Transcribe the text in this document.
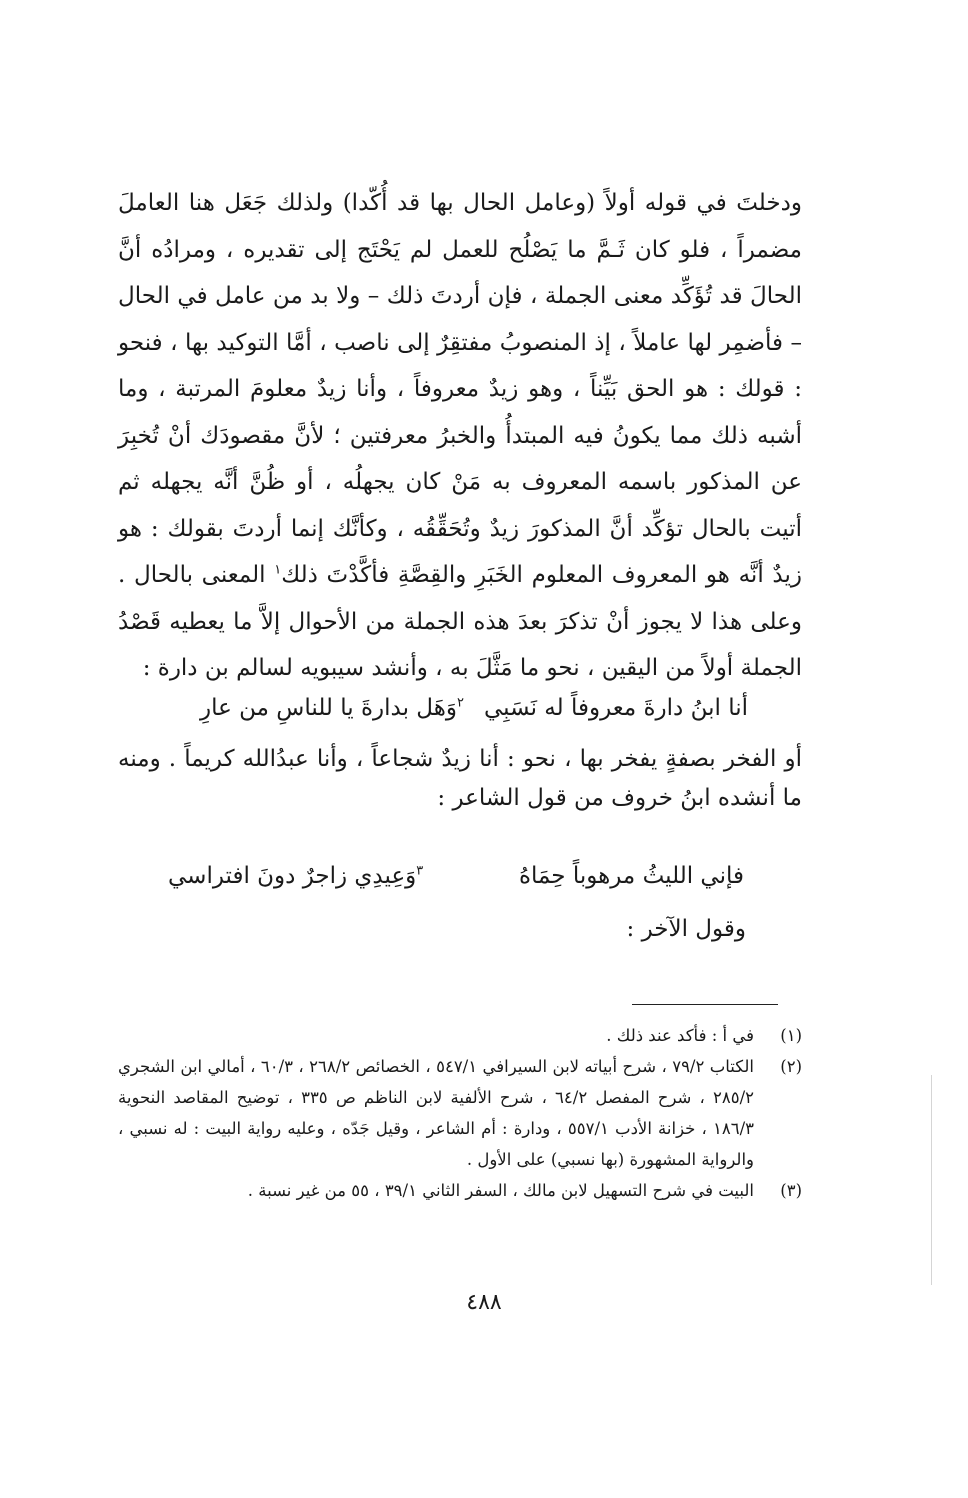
ودخلتَ في قوله أولاً (وعامل الحال بها قد أُكّدا) ولذلك جَعَل هنا العاملَ مضمراً ، فلو كان ثَـمَّ ما يَصْلُح للعمل لم يَحْتَج إلى تقديره ، ومرادُه أنَّ الحالَ قد تُؤَكِّد معنى الجملة ، فإن أردتَ ذلك – ولا بد من عامل في الحال – فأضمِر لها عاملاً ، إذ المنصوبُ مفتقِرٌ إلى ناصب ، أمَّا التوكيد بها ، فنحو : قولك : هو الحق بَيِّناً ، وهو زيدٌ معروفاً ، وأنا زيدٌ معلومَ المرتبة ، وما أشبه ذلك مما يكونُ فيه المبتدأُ والخبرُ معرفتين ؛ لأنَّ مقصودَك أنْ تُخبِرَ عن المذكور باسمه المعروف به مَنْ كان يجهلُه ، أو ظُنَّ أنَّه يجهله ثم أتيت بالحال تؤكِّد أنَّ المذكورَ زيدٌ وتُحَقِّقُه ، وكأنَّك إنما أردتَ بقولك : هو زيدٌ أنَّه هو المعروف المعلوم الخَبَرِ والقِصَّةِ فأكَّدْتَ ذلك$^١$ المعنى بالحال . وعلى هذا لا يجوز أنْ تذكرَ بعدَ هذه الجملة من الأحوال إلاَّ ما يعطيه قَصْدُ الجملة أولاً من اليقين ، نحو ما مَثَّلَ به ، وأنشد سيبويه لسالم بن دارة :

أنا ابنُ دارةَ معروفاً له نَسَبِي
$^٢$وَهَل بدارةَ يا للناسِ من عارِ
أو الفخر بصفةٍ يفخر بها ، نحو : أنا زيدٌ شجاعاً ، وأنا عبدُالله كريماً . ومنه ما أنشده ابنُ خروف من قول الشاعر :
فإني الليثُ مرهوباً حِمَاهُ
$^٣$وَعِيدِي زاجرٌ دونَ افتراسي
وقول الآخر :
(١)
في أ : فأكد عند ذلك .
(٢)
الكتاب ٧٩/٢ ، شرح أبياته لابن السيرافي ٥٤٧/١ ، الخصائص ٢٦٨/٢ ، ٦٠/٣ ، أمالي ابن الشجري ٢٨٥/٢ ، شرح المفصل ٦٤/٢ ، شرح الألفية لابن الناظم ص ٣٣٥ ، توضيح المقاصد النحوية ١٨٦/٣ ، خزانة الأدب ٥٥٧/١ ، ودارة : أم الشاعر ، وقيل جَدّه ، وعليه رواية البيت : له نسبي ، والرواية المشهورة (بها نسبي) على الأول .
(٣)
البيت في شرح التسهيل لابن مالك ، السفر الثاني ٣٩/١ ، ٥٥ من غير نسبة .
٤٨٨
